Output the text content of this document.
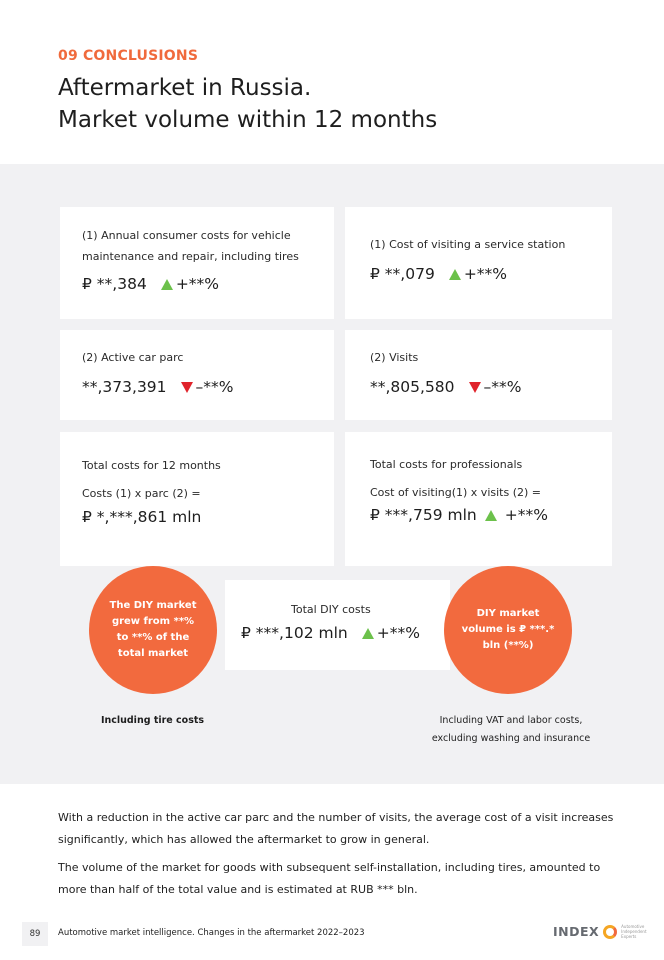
09 CONCLUSIONS
Aftermarket in Russia.
Market volume within 12 months
(1) Annual consumer costs for vehicle
maintenance and repair, including tires
₽ **,384 +**%
(1) Cost of visiting a service station
₽ **,079 +**%
(2) Active car parc
**,373,391 –**%
(2) Visits
**,805,580 –**%
Total costs for 12 months
Costs (1) x parc (2) =
₽ *,***,861 mln
Total costs for professionals
Cost of visiting(1) x visits (2) =
₽ ***,759 mln +**%
Total DIY costs
₽ ***,102 mln +**%
The DIY market grew from **% to **% of the total market
Including tire costs
DIY market volume is ₽ ***.* bln (**%)
Including VAT and labor costs,
excluding washing and insurance
With a reduction in the active car parc and the number of visits, the average cost of a visit increases significantly, which has allowed the aftermarket to grow in general.
The volume of the market for goods with subsequent self-installation, including tires, amounted to more than half of the total value and is estimated at RUB *** bln.
89	Automotive market intelligence. Changes in the aftermarket 2022–2023	INDEX	Automotive Independent Experts
